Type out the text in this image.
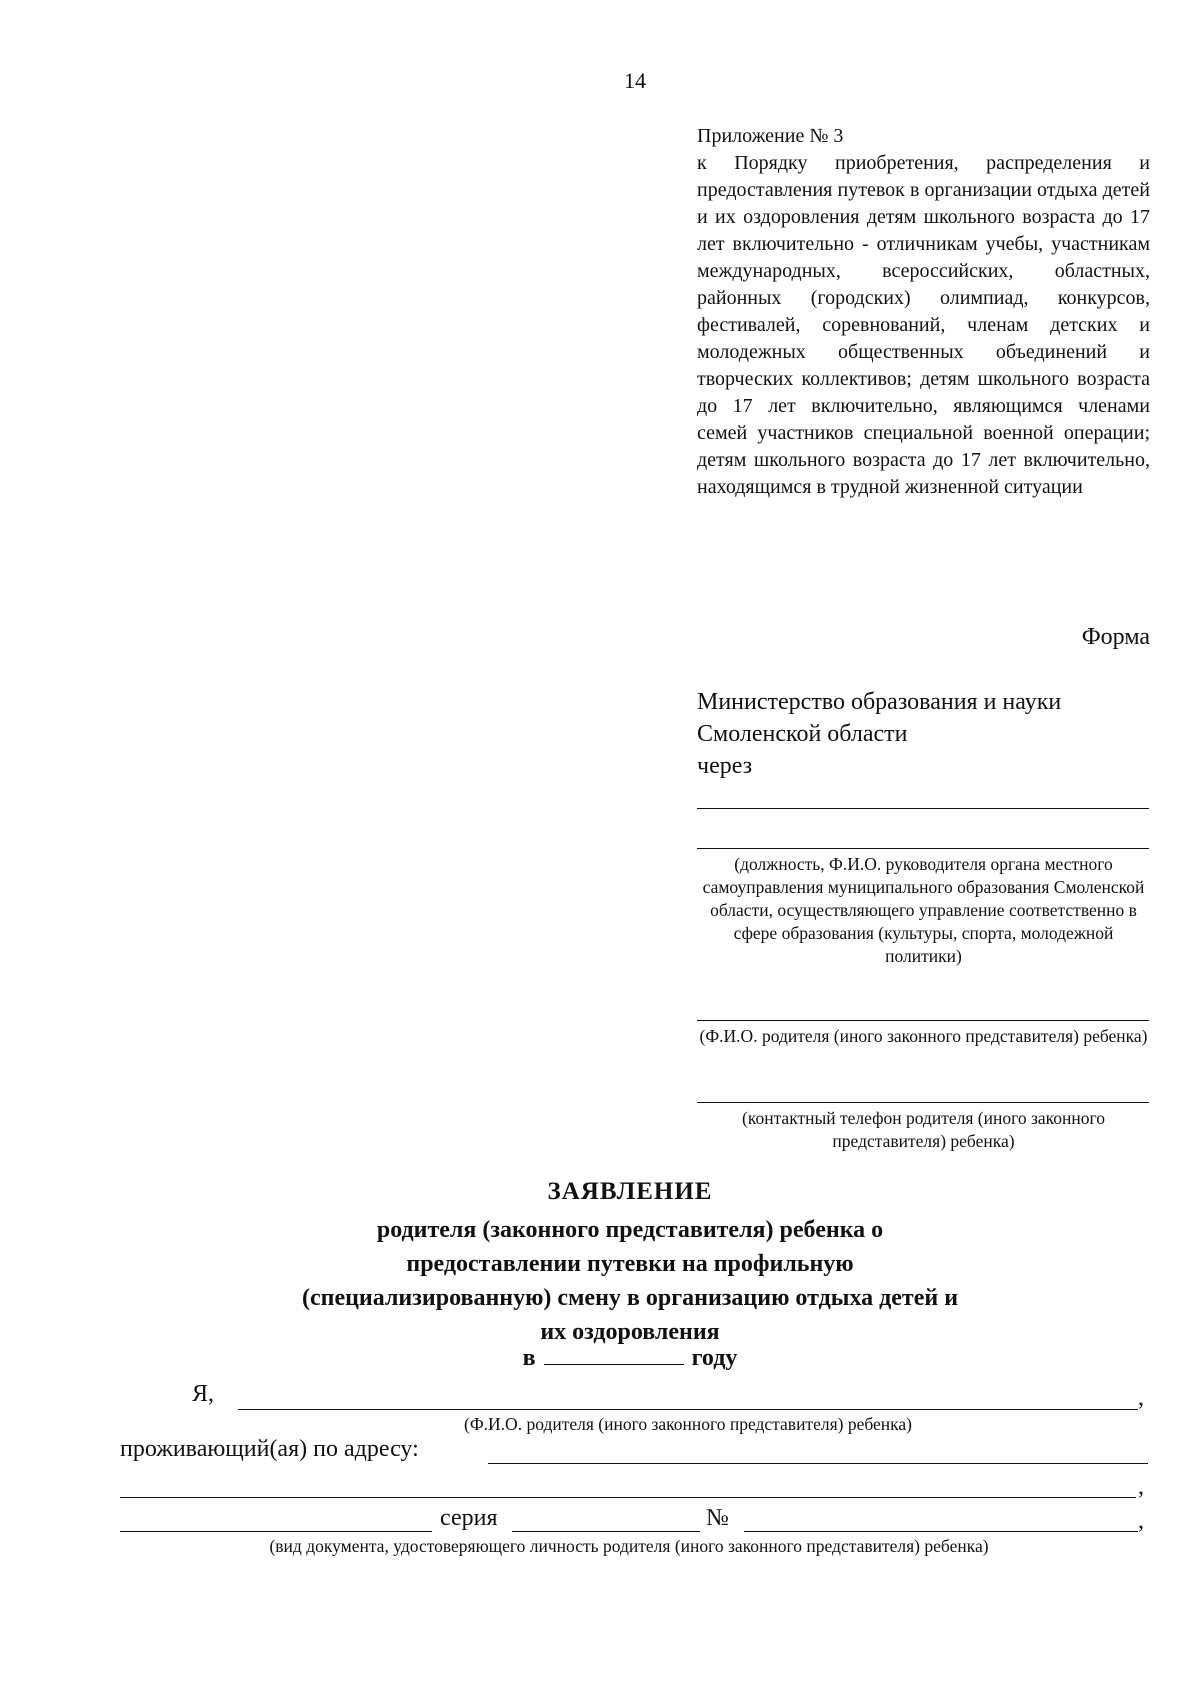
14
Приложение № 3
к Порядку приобретения, распределения и предоставления путевок в организации отдыха детей и их оздоровления детям школьного возраста до 17 лет включительно - отличникам учебы, участникам международных, всероссийских, областных, районных (городских) олимпиад, конкурсов, фестивалей, соревнований, членам детских и молодежных общественных объединений и творческих коллективов; детям школьного возраста до 17 лет включительно, являющимся членами семей участников специальной военной операции; детям школьного возраста до 17 лет включительно, находящимся в трудной жизненной ситуации
Форма
Министерство образования и науки
Смоленской области
через
(должность, Ф.И.О. руководителя органа местного самоуправления муниципального образования Смоленской области, осуществляющего управление соответственно в сфере образования (культуры, спорта, молодежной политики)
(Ф.И.О. родителя (иного законного представителя) ребенка)
(контактный телефон родителя (иного законного представителя) ребенка)
ЗАЯВЛЕНИЕ
родителя (законного представителя) ребенка о предоставлении путевки на профильную (специализированную) смену в организацию отдыха детей и их оздоровления
в	году
Я,	,
(Ф.И.О. родителя (иного законного представителя) ребенка)
проживающий(ая) по адресу:
,
серия	№	,
(вид документа, удостоверяющего личность родителя (иного законного представителя) ребенка)
